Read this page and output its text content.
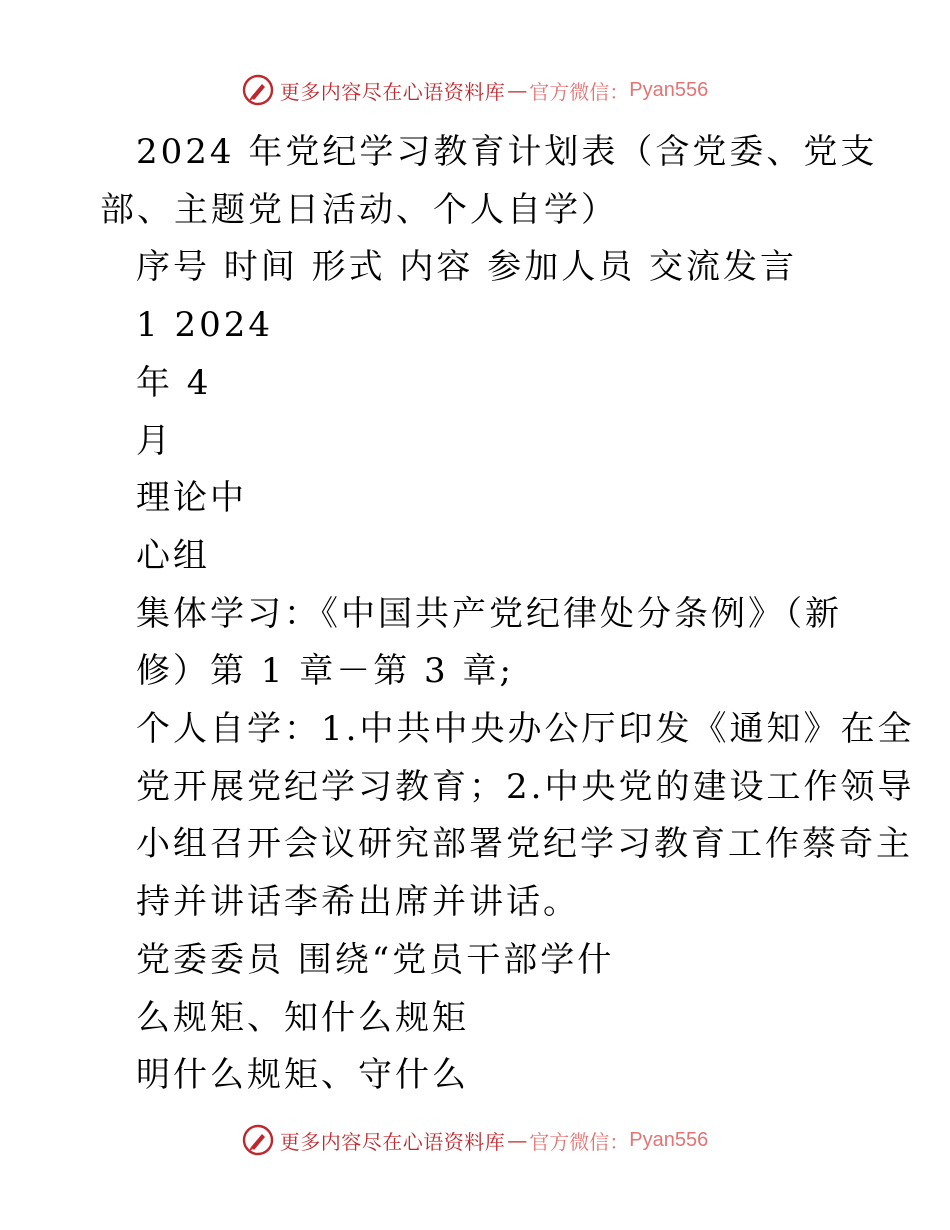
更多内容尽在心语资料库 — 官方微信： Pyan556

2024 年党纪学习教育计划表（含党委、党支

部、主题党日活动、个人自学）

序号 时间 形式 内容 参加人员 交流发言

1 2024

年 4

月

理论中

心组

集体学习：《中国共产党纪律处分条例》（新

修）第 1 章－第 3 章;

个人自学：1.中共中央办公厅印发《通知》在全

党开展党纪学习教育；2.中央党的建设工作领导

小组召开会议研究部署党纪学习教育工作蔡奇主

持并讲话李希出席并讲话。

党委委员 围绕“党员干部学什

么规矩、知什么规矩

明什么规矩、守什么

更多内容尽在心语资料库 — 官方微信： Pyan556
